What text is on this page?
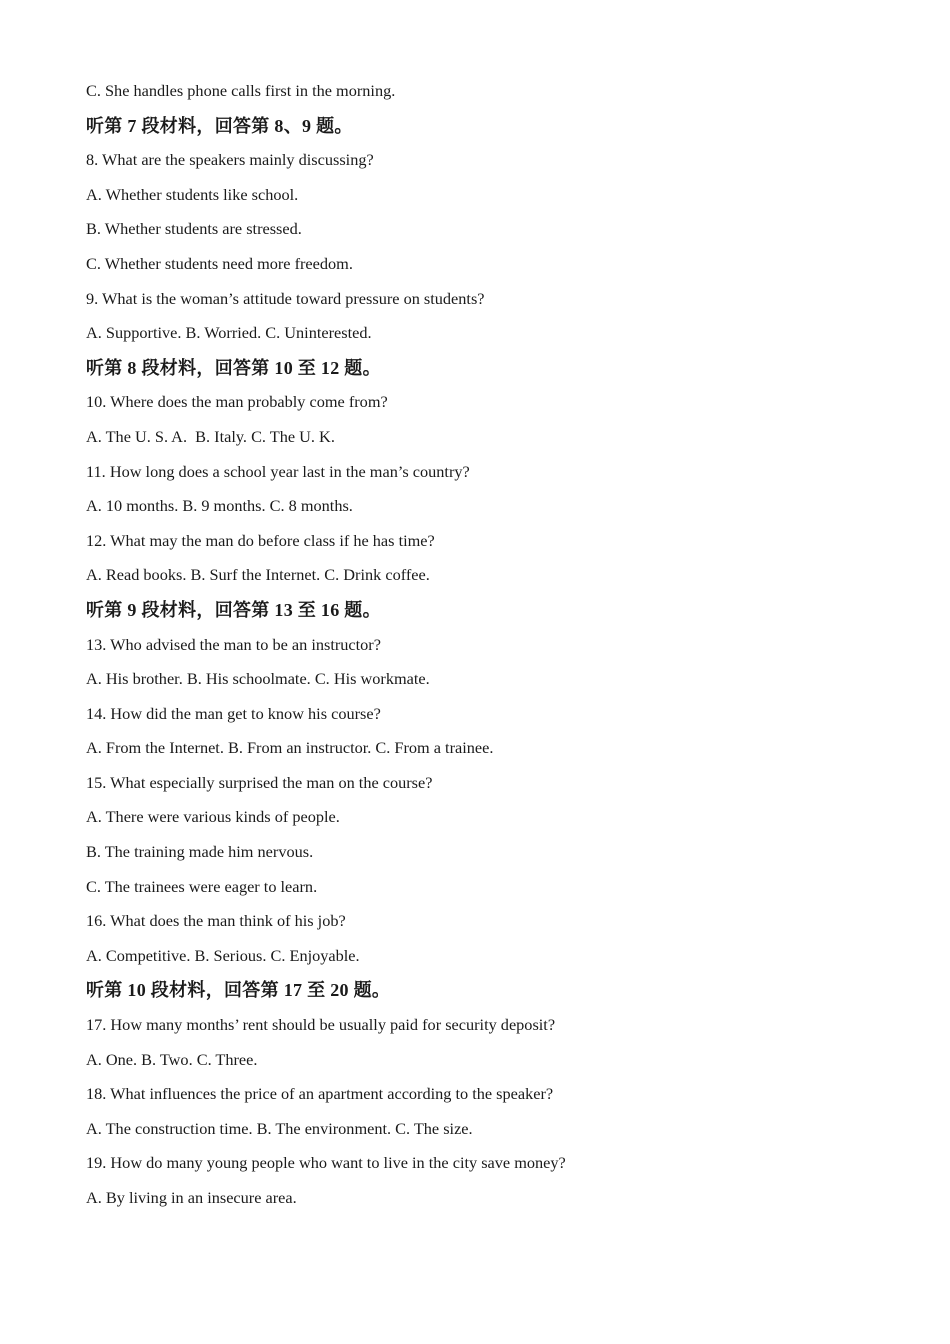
C. She handles phone calls first in the morning.
听第 7 段材料，回答第 8、9 题。
8. What are the speakers mainly discussing?
A. Whether students like school.
B. Whether students are stressed.
C. Whether students need more freedom.
9. What is the woman’s attitude toward pressure on students?
A. Supportive. B. Worried. C. Uninterested.
听第 8 段材料，回答第 10 至 12 题。
10. Where does the man probably come from?
A. The U. S. A.  B. Italy. C. The U. K.
11. How long does a school year last in the man’s country?
A. 10 months. B. 9 months. C. 8 months.
12. What may the man do before class if he has time?
A. Read books. B. Surf the Internet. C. Drink coffee.
听第 9 段材料，回答第 13 至 16 题。
13. Who advised the man to be an instructor?
A. His brother. B. His schoolmate. C. His workmate.
14. How did the man get to know his course?
A. From the Internet. B. From an instructor. C. From a trainee.
15. What especially surprised the man on the course?
A. There were various kinds of people.
B. The training made him nervous.
C. The trainees were eager to learn.
16. What does the man think of his job?
A. Competitive. B. Serious. C. Enjoyable.
听第 10 段材料，回答第 17 至 20 题。
17. How many months’ rent should be usually paid for security deposit?
A. One. B. Two. C. Three.
18. What influences the price of an apartment according to the speaker?
A. The construction time. B. The environment. C. The size.
19. How do many young people who want to live in the city save money?
A. By living in an insecure area.
